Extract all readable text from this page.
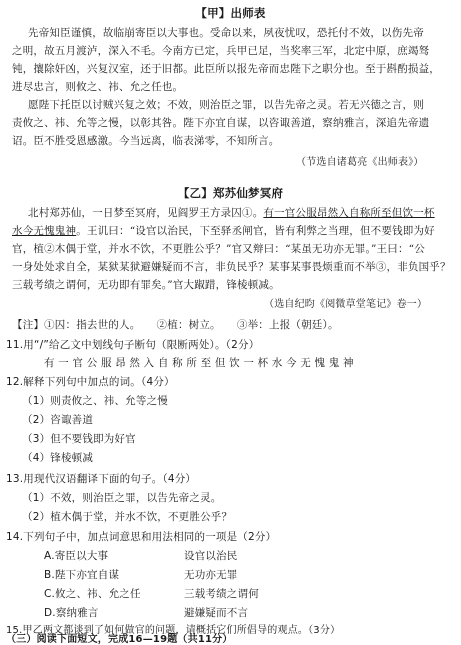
【甲】出师表
先帝知臣谨慎，故临崩寄臣以大事也。受命以来，夙夜忧叹，恐托付不效，以伤先帝
之明，故五月渡泸，深入不毛。今南方已定，兵甲已足，当奖率三军，北定中原，庶竭驽
钝，攘除奸凶，兴复汉室，还于旧都。此臣所以报先帝而忠陛下之职分也。至于斟酌损益，
进尽忠言，则攸之、祎、允之任也。
愿陛下托臣以讨贼兴复之效；不效，则治臣之罪，以告先帝之灵。若无兴德之言，则
责攸之、祎、允等之慢，以彰其咎。陛下亦宜自谋，以咨诹善道，察纳雅言，深追先帝遗
诏。臣不胜受恩感激。今当远离，临表涕零，不知所言。
（节选自诸葛亮《出师表》）
【乙】郑苏仙梦冥府
北村郑苏仙，一日梦至冥府，见阎罗王方录囚①。有一官公服昂然入自称所至但饮一杯
水今无愧鬼神。王讥曰：“设官以治民，下至驿丞闸官，皆有利弊之当理，但不要钱即为好
官，植②木偶于堂，并水不饮，不更胜公乎？”官又辩曰：“某虽无功亦无罪。”王曰：“公
一身处处求自全，某狱某狱避嫌疑而不言，非负民乎？某事某事畏烦重而不举③，非负国乎？
三载考绩之谓何，无功即有罪矣。”官大踧踖，锋棱顿减。
（选自纪昀《阅微草堂笔记》卷一）
【注】①囚：指去世的人。　　②植：树立。　　③举：上报（朝廷）。
11.用“/”给乙文中划线句子断句（限断两处）。（2分）
有 一 官 公 服 昂 然 入 自 称 所 至 但 饮 一 杯 水 今 无 愧 鬼 神
12.解释下列句中加点的词。（4分）
（1）则责攸之、祎、允等之慢
（2）咨诹善道
（3）但不要钱即为好官
（4）锋棱顿减
13.用现代汉语翻译下面的句子。（4分）
（1）不效，则治臣之罪，以告先帝之灵。
（2）植木偶于堂，并水不饮，不更胜公乎？
14.下列句子中，加点词意思和用法相同的一项是（2分）
A.寄臣以大事	设官以治民
B.陛下亦宜自谋	无功亦无罪
C.攸之、祎、允之任	三载考绩之谓何
D.察纳雅言	避嫌疑而不言
15.甲乙两文都谈到了如何做官的问题，请概括它们所倡导的观点。（3分）
（三）阅读下面短文，完成16—19题（共11分）
